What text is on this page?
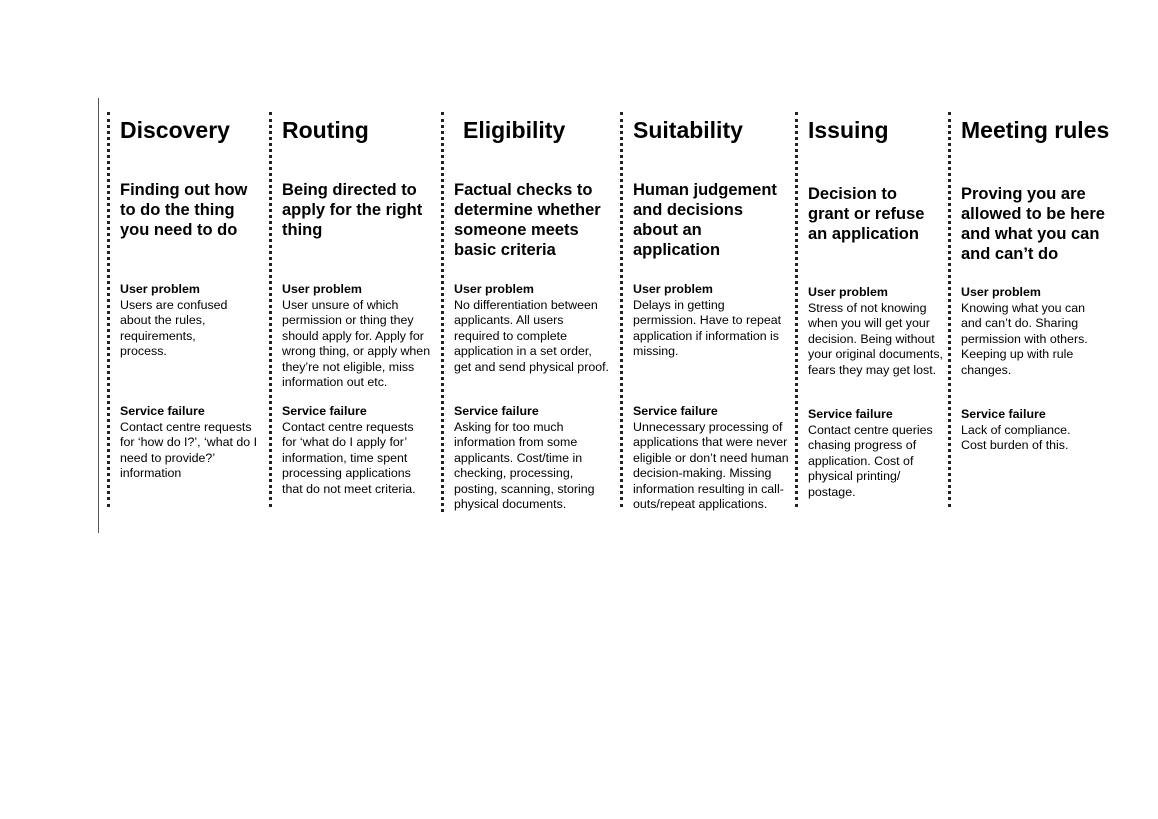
Discovery

Finding out how to do the thing you need to do

User problem
Users are confused about the rules, requirements, process.
Service failure
Contact centre requests for ‘how do I?’, ‘what do I need to provide?’ information
Routing

Being directed to apply for the right thing

User problem
User unsure of which permission or thing they should apply for. Apply for wrong thing, or apply when they’re not eligible, miss information out etc.
Service failure
Contact centre requests for ‘what do I apply for’ information, time spent processing applications that do not meet criteria.
Eligibility

Factual checks to determine whether someone meets basic criteria

User problem
No differentiation between applicants. All users required to complete application in a set order, get and send physical proof.
Service failure
Asking for too much information from some applicants. Cost/time in checking, processing, posting, scanning, storing physical documents.
Suitability

Human judgement and decisions about an application

User problem
Delays in getting permission. Have to repeat application if information is missing.
Service failure
Unnecessary processing of applications that were never eligible or don’t need human decision-making. Missing information resulting in call-outs/repeat applications.
Issuing

Decision to grant or refuse an application

User problem
Stress of not knowing when you will get your decision. Being without your original documents, fears they may get lost.
Service failure
Contact centre queries chasing progress of application. Cost of physical printing/ postage.
Meeting rules

Proving you are allowed to be here and what you can and can’t do

User problem
Knowing what you can and can’t do. Sharing permission with others. Keeping up with rule changes.
Service failure
Lack of compliance. Cost burden of this.
